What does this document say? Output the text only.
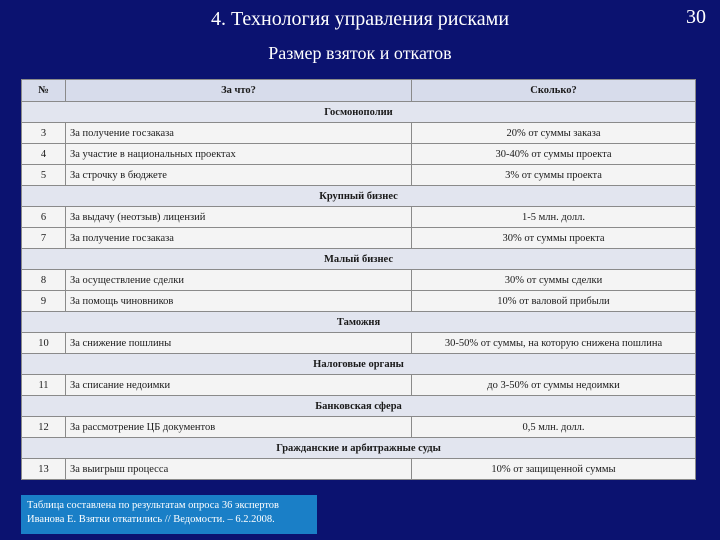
4. Технология управления рисками	30
Размер взяток и откатов
№	За что?	Сколько?
Госмонополии		
3	За получение госзаказа	20% от суммы заказа
4	За участие в национальных проектах	30-40% от суммы проекта
5	За строчку в бюджете	3% от суммы проекта
Крупный бизнес		
6	За выдачу (неотзыв) лицензий	1-5 млн. долл.
7	За получение госзаказа	30% от суммы проекта
Малый бизнес		
8	За осуществление сделки	30% от суммы сделки
9	За помощь чиновников	10% от валовой прибыли
Таможня		
10	За снижение пошлины	30-50% от суммы, на которую снижена пошлина
Налоговые органы		
11	За списание недоимки	до 3-50% от суммы недоимки
Банковская сфера		
12	За рассмотрение ЦБ документов	0,5 млн. долл.
Гражданские и арбитражные суды		
13	За выигрыш процесса	10% от защищенной суммы
Таблица составлена по результатам опроса 36 экспертов
Иванова Е. Взятки откатились // Ведомости. – 6.2.2008.
